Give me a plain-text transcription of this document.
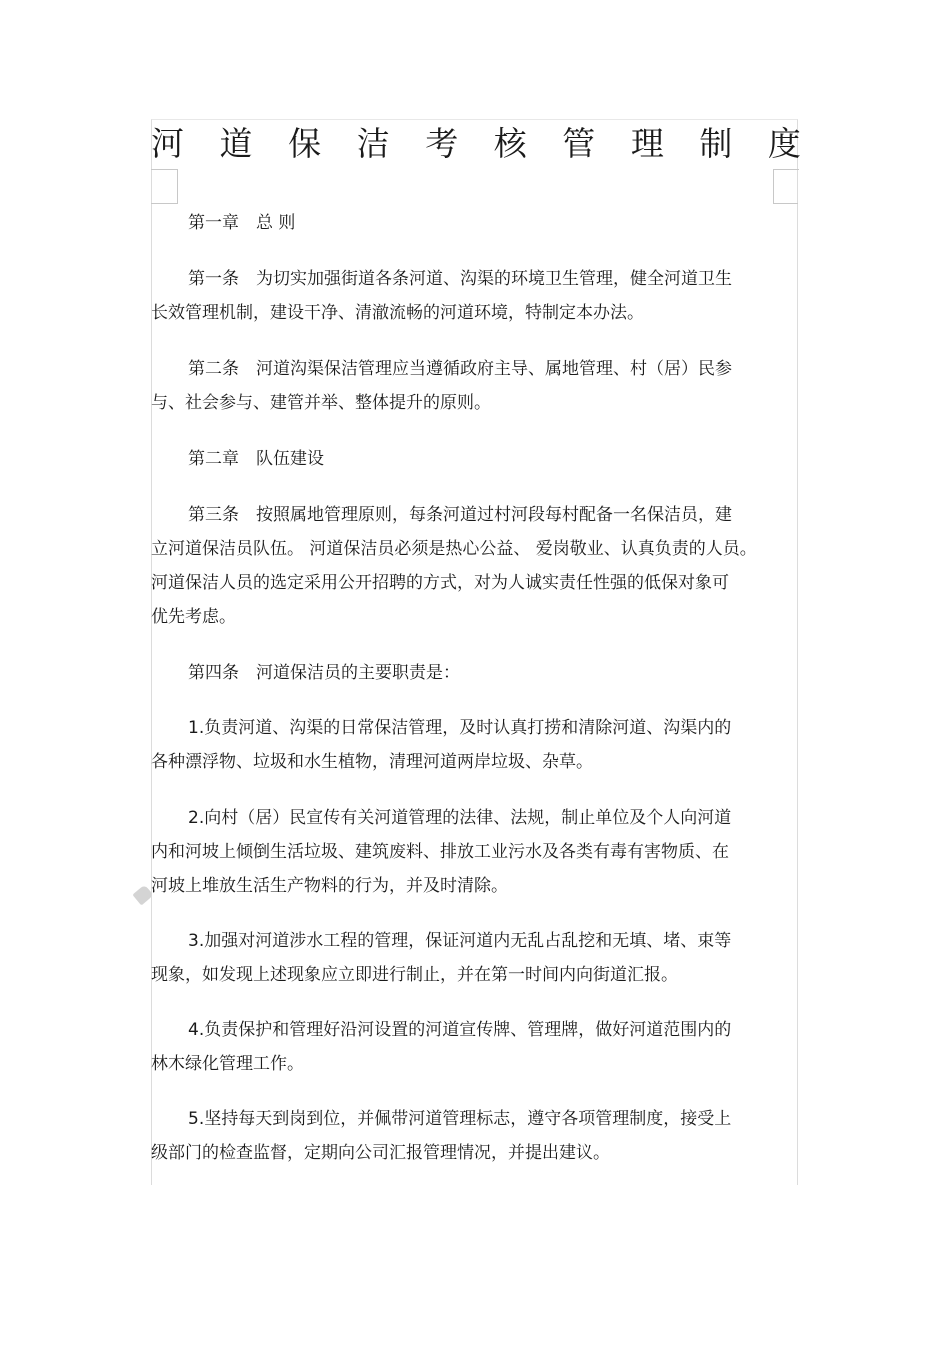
河 道 保 洁 考 核 管 理 制 度
第一章　总 则
第一条　为切实加强街道各条河道、沟渠的环境卫生管理，健全河道卫生
长效管理机制，建设干净、清澈流畅的河道环境，特制定本办法。
第二条　河道沟渠保洁管理应当遵循政府主导、属地管理、村（居）民参
与、社会参与、建管并举、整体提升的原则。
第二章　队伍建设
第三条　按照属地管理原则，每条河道过村河段每村配备一名保洁员，建
立河道保洁员队伍。 河道保洁员必须是热心公益、 爱岗敬业、认真负责的人员。
河道保洁人员的选定采用公开招聘的方式，对为人诚实责任性强的低保对象可
优先考虑。
第四条　河道保洁员的主要职责是：
1.负责河道、沟渠的日常保洁管理，及时认真打捞和清除河道、沟渠内的
各种漂浮物、垃圾和水生植物，清理河道两岸垃圾、杂草。
2.向村（居）民宣传有关河道管理的法律、法规，制止单位及个人向河道
内和河坡上倾倒生活垃圾、建筑废料、排放工业污水及各类有毒有害物质、在
河坡上堆放生活生产物料的行为，并及时清除。
3.加强对河道涉水工程的管理，保证河道内无乱占乱挖和无填、堵、束等
现象，如发现上述现象应立即进行制止，并在第一时间内向街道汇报。
4.负责保护和管理好沿河设置的河道宣传牌、管理牌，做好河道范围内的
林木绿化管理工作。
5.坚持每天到岗到位，并佩带河道管理标志，遵守各项管理制度，接受上
级部门的检查监督，定期向公司汇报管理情况，并提出建议。
